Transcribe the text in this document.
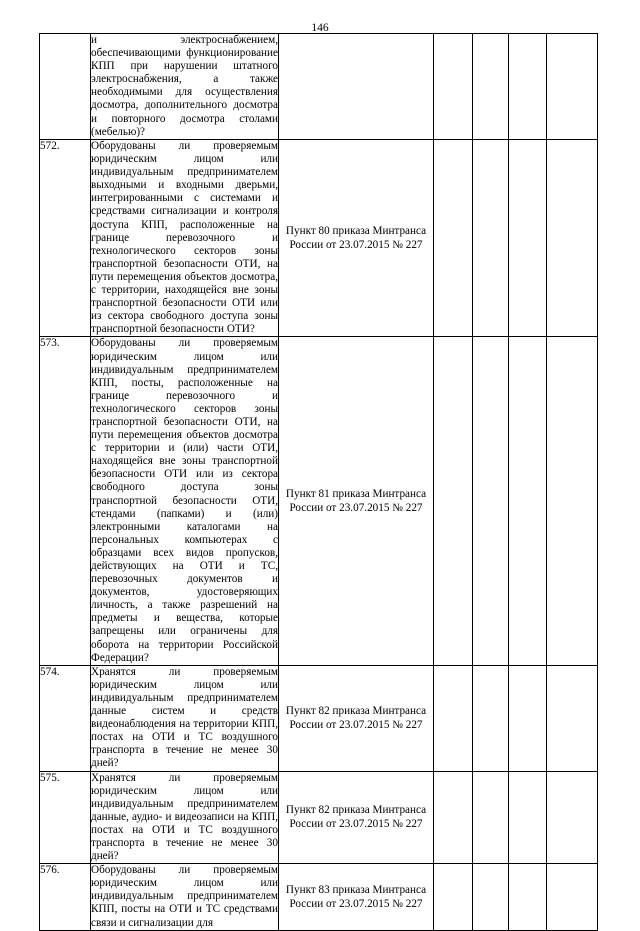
146

	и электроснабжением, обеспечивающими функционирование КПП при нарушении штатного электроснабжения, а также необходимыми для осуществления досмотра, дополнительного досмотра и повторного досмотра столами (мебелью)?					

572.	Оборудованы ли проверяемым юридическим лицом или индивидуальным предпринимателем выходными и входными дверьми, интегрированными с системами и средствами сигнализации и контроля доступа КПП, расположенные на границе перевозочного и технологического секторов зоны транспортной безопасности ОТИ, на пути перемещения объектов досмотра, с территории, находящейся вне зоны транспортной безопасности ОТИ или из сектора свободного доступа зоны транспортной безопасности ОТИ?	Пункт 80 приказа Минтранса России от 23.07.2015 № 227				
573.	Оборудованы ли проверяемым юридическим лицом или индивидуальным предпринимателем КПП, посты, расположенные на границе перевозочного и технологического секторов зоны транспортной безопасности ОТИ, на пути перемещения объектов досмотра с территории и (или) части ОТИ, находящейся вне зоны транспортной безопасности ОТИ или из сектора свободного доступа зоны транспортной безопасности ОТИ, стендами (папками) и (или) электронными каталогами на персональных компьютерах с образцами всех видов пропусков, действующих на ОТИ и ТС, перевозочных документов и документов, удостоверяющих личность, а также разрешений на предметы и вещества, которые запрещены или ограничены для оборота на территории Российской Федерации?	Пункт 81 приказа Минтранса России от 23.07.2015 № 227				
574.	Хранятся ли проверяемым юридическим лицом или индивидуальным предпринимателем данные систем и средств видеонаблюдения на территории КПП, постах на ОТИ и ТС воздушного транспорта в течение не менее 30 дней?	Пункт 82 приказа Минтранса России от 23.07.2015 № 227				
575.	Хранятся ли проверяемым юридическим лицом или индивидуальным предпринимателем данные, аудио- и видеозаписи на КПП, постах на ОТИ и ТС воздушного транспорта в течение не менее 30 дней?	Пункт 82 приказа Минтранса России от 23.07.2015 № 227				
576.	Оборудованы ли проверяемым юридическим лицом или индивидуальным предпринимателем КПП, посты на ОТИ и ТС средствами связи и сигнализации для	Пункт 83 приказа Минтранса России от 23.07.2015 № 227				
